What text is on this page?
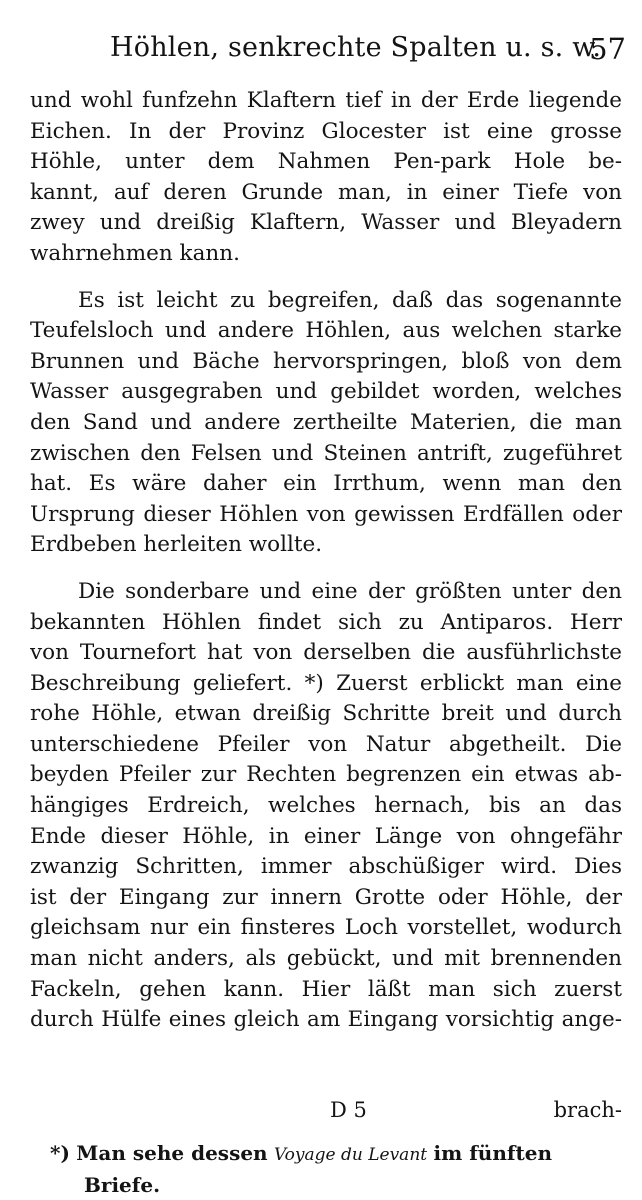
Höhlen, senkrechte Spalten u. s. w.
57

und wohl funfzehn Klaftern tief in der Erde liegende
Eichen. In der Provinz Glocester ist eine grosse
Höhle, unter dem Nahmen Pen-park Hole be-
kannt, auf deren Grunde man, in einer Tiefe von
zwey und dreißig Klaftern, Wasser und Bleyadern
wahrnehmen kann.

Es ist leicht zu begreifen, daß das sogenannte
Teufelsloch und andere Höhlen, aus welchen starke
Brunnen und Bäche hervorspringen, bloß von dem
Wasser ausgegraben und gebildet worden, welches
den Sand und andere zertheilte Materien, die man
zwischen den Felsen und Steinen antrift, zugeführet
hat. Es wäre daher ein Irrthum, wenn man den
Ursprung dieser Höhlen von gewissen Erdfällen oder
Erdbeben herleiten wollte.

Die sonderbare und eine der größten unter den
bekannten Höhlen findet sich zu Antiparos. Herr
von Tournefort hat von derselben die ausführlichste
Beschreibung geliefert. *) Zuerst erblickt man eine
rohe Höhle, etwan dreißig Schritte breit und durch
unterschiedene Pfeiler von Natur abgetheilt. Die
beyden Pfeiler zur Rechten begrenzen ein etwas ab-
hängiges Erdreich, welches hernach, bis an das
Ende dieser Höhle, in einer Länge von ohngefähr
zwanzig Schritten, immer abschüßiger wird. Dies
ist der Eingang zur innern Grotte oder Höhle, der
gleichsam nur ein finsteres Loch vorstellet, wodurch
man nicht anders, als gebückt, und mit brennenden
Fackeln, gehen kann. Hier läßt man sich zuerst
durch Hülfe eines gleich am Eingang vorsichtig ange-

D 5	brach-
*) Man sehe dessen Voyage du Levant im fünften
Briefe.
